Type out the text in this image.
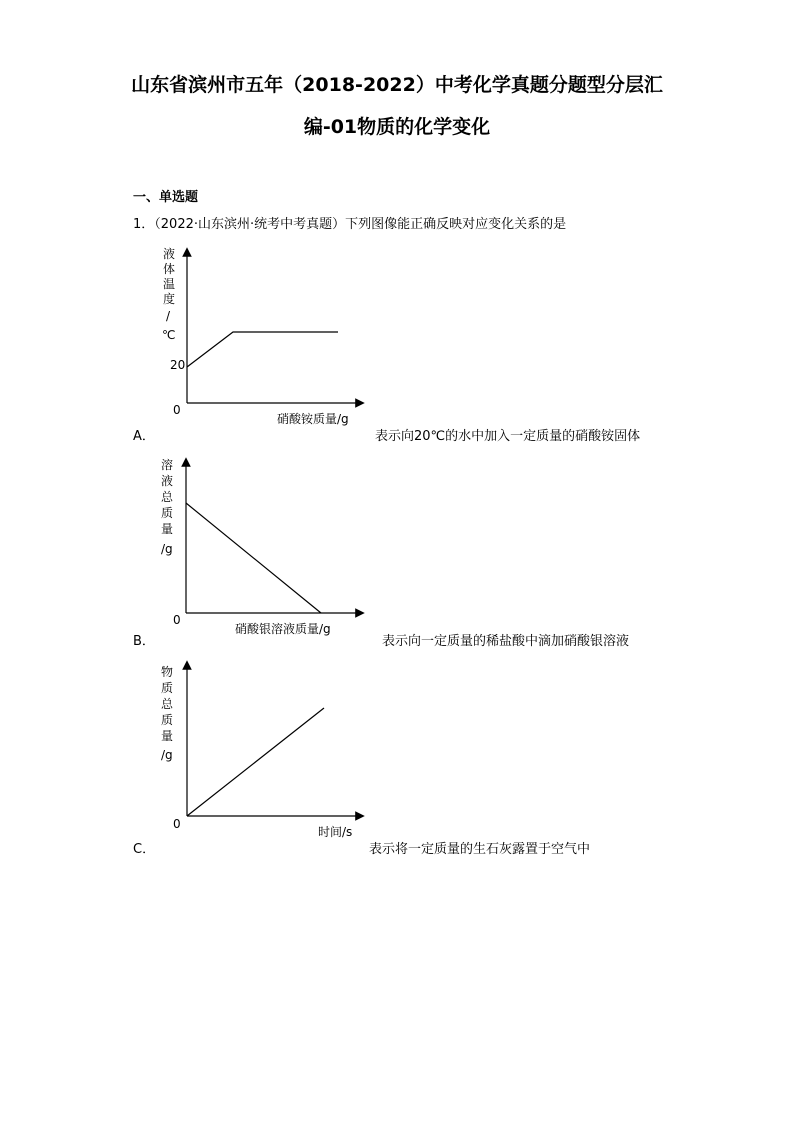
山东省滨州市五年（2018-2022）中考化学真题分题型分层汇
编-01物质的化学变化
一、单选题
1．（2022·山东滨州·统考中考真题）下列图像能正确反映对应变化关系的是
液
体
温
度
/
℃
20
0
硝酸铵质量/g
溶
液
总
质
量
/g
0
硝酸银溶液质量/g
物
质
总
质
量
/g
0
时间/s
A．	表示向20℃的水中加入一定质量的硝酸铵固体
B．	表示向一定质量的稀盐酸中滴加硝酸银溶液
C．	表示将一定质量的生石灰露置于空气中
